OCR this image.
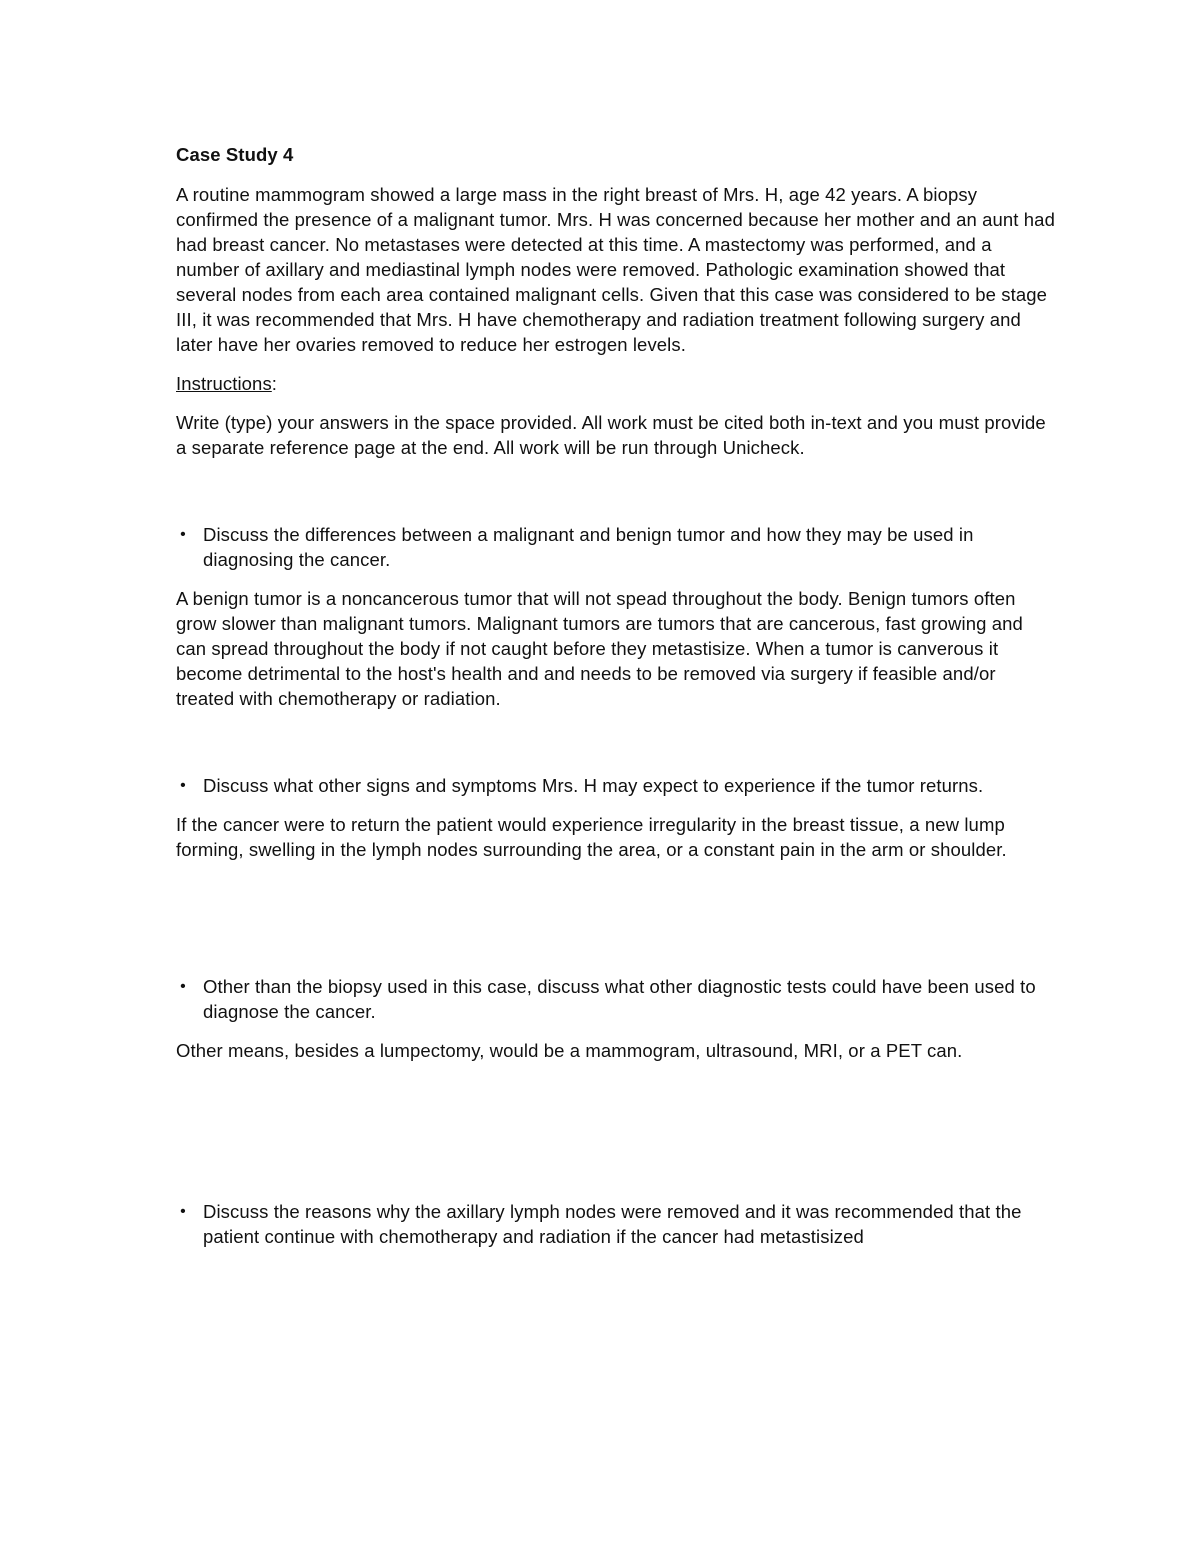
Case Study 4

A routine mammogram showed a large mass in the right breast of Mrs. H, age 42 years. A biopsy confirmed the presence of a malignant tumor. Mrs. H was concerned because her mother and an aunt had had breast cancer. No metastases were detected at this time. A mastectomy was performed, and a number of axillary and mediastinal lymph nodes were removed. Pathologic examination showed that several nodes from each area contained malignant cells. Given that this case was considered to be stage III, it was recommended that Mrs. H have chemotherapy and radiation treatment following surgery and later have her ovaries removed to reduce her estrogen levels.

Instructions:

Write (type) your answers in the space provided. All work must be cited both in-text and you must provide a separate reference page at the end. All work will be run through Unicheck.

• Discuss the differences between a malignant and benign tumor and how they may be used in diagnosing the cancer.

A benign tumor is a noncancerous tumor that will not spead throughout the body. Benign tumors often grow slower than malignant tumors. Malignant tumors are tumors that are cancerous, fast growing and can spread throughout the body if not caught before they metastisize. When a tumor is canverous it become detrimental to the host's health and and needs to be removed via surgery if feasible and/or treated with chemotherapy or radiation.

• Discuss what other signs and symptoms Mrs. H may expect to experience if the tumor returns.

If the cancer were to return the patient would experience irregularity in the breast tissue, a new lump forming, swelling in the lymph nodes surrounding the area, or a constant pain in the arm or shoulder.

• Other than the biopsy used in this case, discuss what other diagnostic tests could have been used to diagnose the cancer.

Other means, besides a lumpectomy, would be a mammogram, ultrasound, MRI, or a PET can.

• Discuss the reasons why the axillary lymph nodes were removed and it was recommended that the patient continue with chemotherapy and radiation if the cancer had metastisized
